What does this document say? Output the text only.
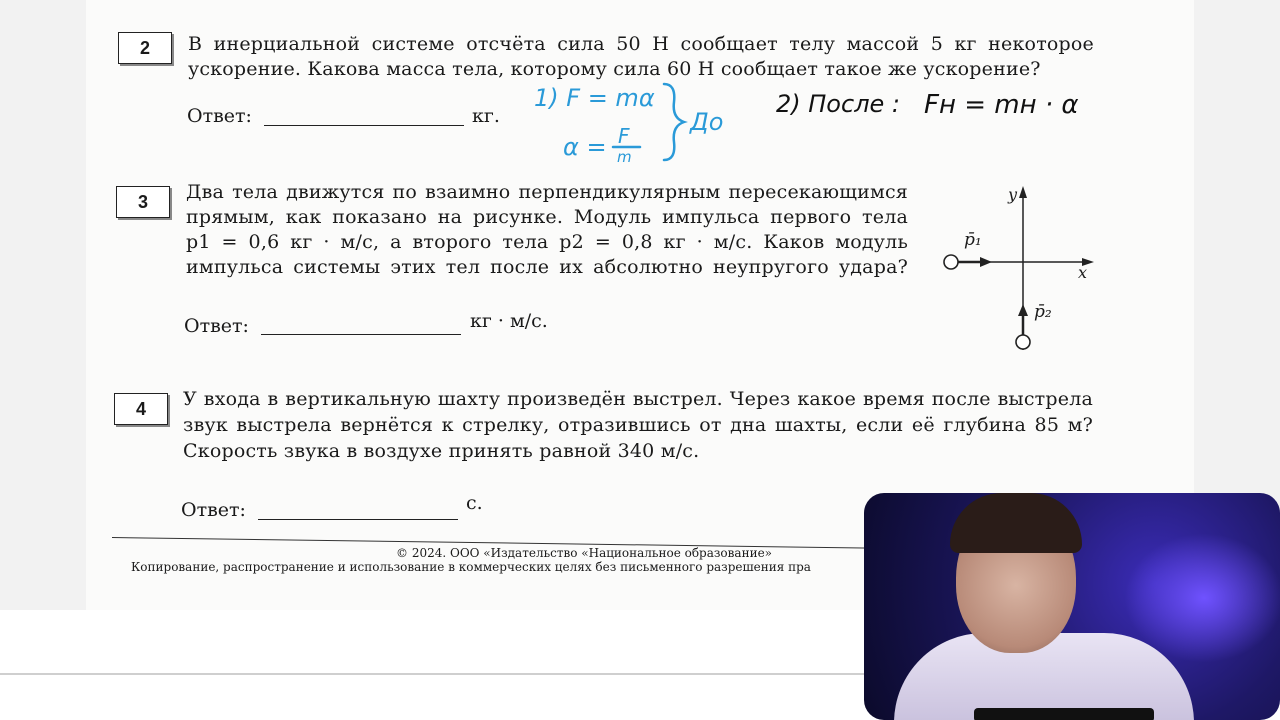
2	В инерциальной системе отсчёта сила 50 Н сообщает телу массой 5 кг некоторое ускорение. Какова масса тела, которому сила 60 Н сообщает такое же ускорение?
Ответ:	кг.
1) F = mα
α = F
m
До
2) После : Fн = mн · α
3	Два тела движутся по взаимно перпендикулярным пересекающимся
прямым, как показано на рисунке. Модуль импульса первого тела
p1 = 0,6 кг · м/с, а второго тела p2 = 0,8 кг · м/с. Каков модуль
импульса системы этих тел после их абсолютно неупругого удара?
Ответ:	кг · м/с.
y
x
p̄₁
p̄₂
4	У входа в вертикальную шахту произведён выстрел. Через какое время после выстрела звук выстрела вернётся к стрелку, отразившись от дна шахты, если её глубина 85 м? Скорость звука в воздухе принять равной 340 м/с.
Ответ:	с.
© 2024. ООО «Издательство «Национальное образование»
Копирование, распространение и использование в коммерческих целях без письменного разрешения пра
